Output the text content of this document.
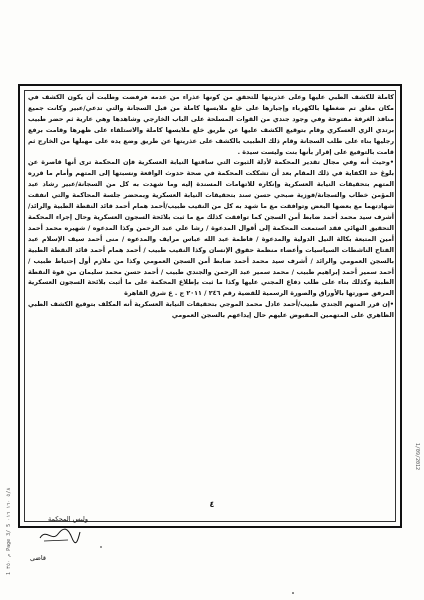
كاملة للكشف الطبي عليها وعلى عذريتها للتحقق من كونها عذراء من عدمه فرفضت وطلبت أن يكون الكشف في مكان مغلق تم ضغطها بالكهرباء وإجبارها على خلع ملابسها كاملة من قبل السجانة والتي تدعي/عبير وكانت جميع منافذ الغرفة مفتوحة وفي وجود جندي من القوات المسلحة على الباب الخارجي وشاهدها وهي عارية ثم حضر طبيب برتدي الزي العسكري وقام بتوقيع الكشف عليها عن طريق خلع ملابسها كاملة والاستلقاء على ظهرها وقامت برفع رجليها بناء على طلب السجانة وقام ذلك الطبيب بالكشف على عذريتها عن طريق وضع يده على مهبلها من الخارج ثم قامت بالتوقيع على إقرار بأنها بنت وليست سيدة .

• وحيث أنه وفي مجال تقدير المحكمة لأدلة الثبوت التي ساقتها النيابة العسكرية فإن المحكمة ترى أنها قاصرة عن بلوغ حد الكفاية في ذلك المقام بعد أن تشككت المحكمة في صحة حدوث الواقعة ونسبتها إلى المتهم وأمام ما قرره المتهم بتحقيقات النيابة العسكرية وإنكاره للاتهامات المسندة إليه وما شهدت به كل من السجانة/عبير رشاد عبد المؤمن خطاب والسجانة/فوزية صبحي حسن سند بتحقيقات النيابة العسكرية وبمحضر جلسة المحاكمة والتي انفقت شهادتهما مع بعضها البعض وتوافقت مع ما شهد به كل من النقيب طبيب/أحمد همام أحمد قائد النقطة الطبية والرائد/أشرف سيد محمد أحمد ضابط أمن السجن كما توافقت كذلك مع ما ثبت بلائحة السجون العسكرية وحال إجراء المحكمة التحقيق النهائي فقد استمعت المحكمة إلى أقوال المدعوة / رشا علي عبد الرحمن وكذا المدعوه / شهيره محمد أحمد أمين المتبعة بكالة النيل الدولية والمدعوة / فاطمة عبد الله عباس مرايف والمدعوه / منى أحمد سيف الإسلام عبد الفتاح الناشطات السياسيات وأعضاء منظمة حقوق الإنسان وكذا النقيب طبيب / أحمد همام أحمد قائد النقطة الطبية بالسجن العمومي والرائد / أشرف سيد محمد أحمد ضابط أمن السجن العمومي وكذا من ملازم أول إحتياط طبيب / أحمد سمير أحمد إبراهيم طبيب / محمد سمير عبد الرحمن والجندي طبيب / أحمد حسن محمد سليمان من قوة النقطة الطبية وكذلك بناء على طلب دفاع المجني عليها وكذا ما ثبت بإطلاع المحكمة على ما أثبت بلائحة السجون العسكرية المرفق صورتها بالأوراق والصورة الرسمية للقضية رقم ٢٤٦ / ٢٠١١ ج . ع شرق القاهرة

• إن قرر المتهم الجندي طبيب/أحمد عادل محمد الموجي بتحقيقات النيابة العسكرية أنه المكلف بتوقيع الكشف الطبي الظاهري على المتهمين المقبوض عليهم حال إيداعهم بالسجن العمومي

٤
وليس المحكمة
قاضى
1/09/2012
1 م ٣٥٠ Page 3/ 5 ٥/٨ ١٦٠ ٠١٦
